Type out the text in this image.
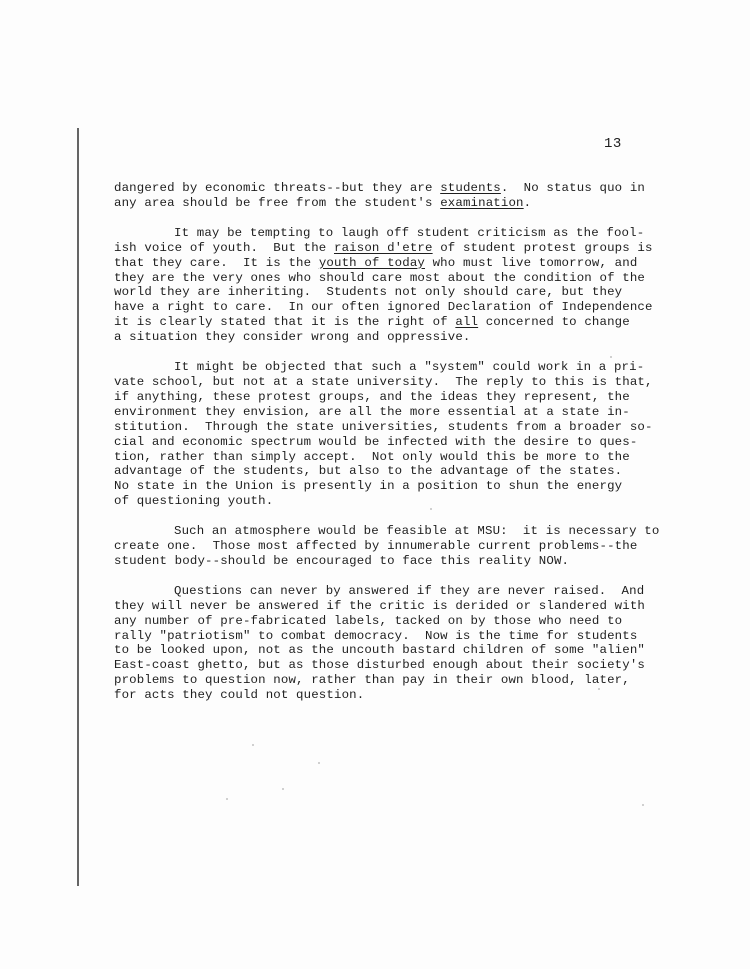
13
dangered by economic threats--but they are students.  No status quo in
any area should be free from the student's examination.
It may be tempting to laugh off student criticism as the fool-
ish voice of youth.  But the raison d'etre of student protest groups is
that they care.  It is the youth of today who must live tomorrow, and
they are the very ones who should care most about the condition of the
world they are inheriting.  Students not only should care, but they
have a right to care.  In our often ignored Declaration of Independence
it is clearly stated that it is the right of all concerned to change
a situation they consider wrong and oppressive.
It might be objected that such a "system" could work in a pri-
vate school, but not at a state university.  The reply to this is that,
if anything, these protest groups, and the ideas they represent, the
environment they envision, are all the more essential at a state in-
stitution.  Through the state universities, students from a broader so-
cial and economic spectrum would be infected with the desire to ques-
tion, rather than simply accept.  Not only would this be more to the
advantage of the students, but also to the advantage of the states.
No state in the Union is presently in a position to shun the energy
of questioning youth.
Such an atmosphere would be feasible at MSU:  it is necessary to
create one.  Those most affected by innumerable current problems--the
student body--should be encouraged to face this reality NOW.
Questions can never by answered if they are never raised.  And
they will never be answered if the critic is derided or slandered with
any number of pre-fabricated labels, tacked on by those who need to
rally "patriotism" to combat democracy.  Now is the time for students
to be looked upon, not as the uncouth bastard children of some "alien"
East-coast ghetto, but as those disturbed enough about their society's
problems to question now, rather than pay in their own blood, later,
for acts they could not question.
